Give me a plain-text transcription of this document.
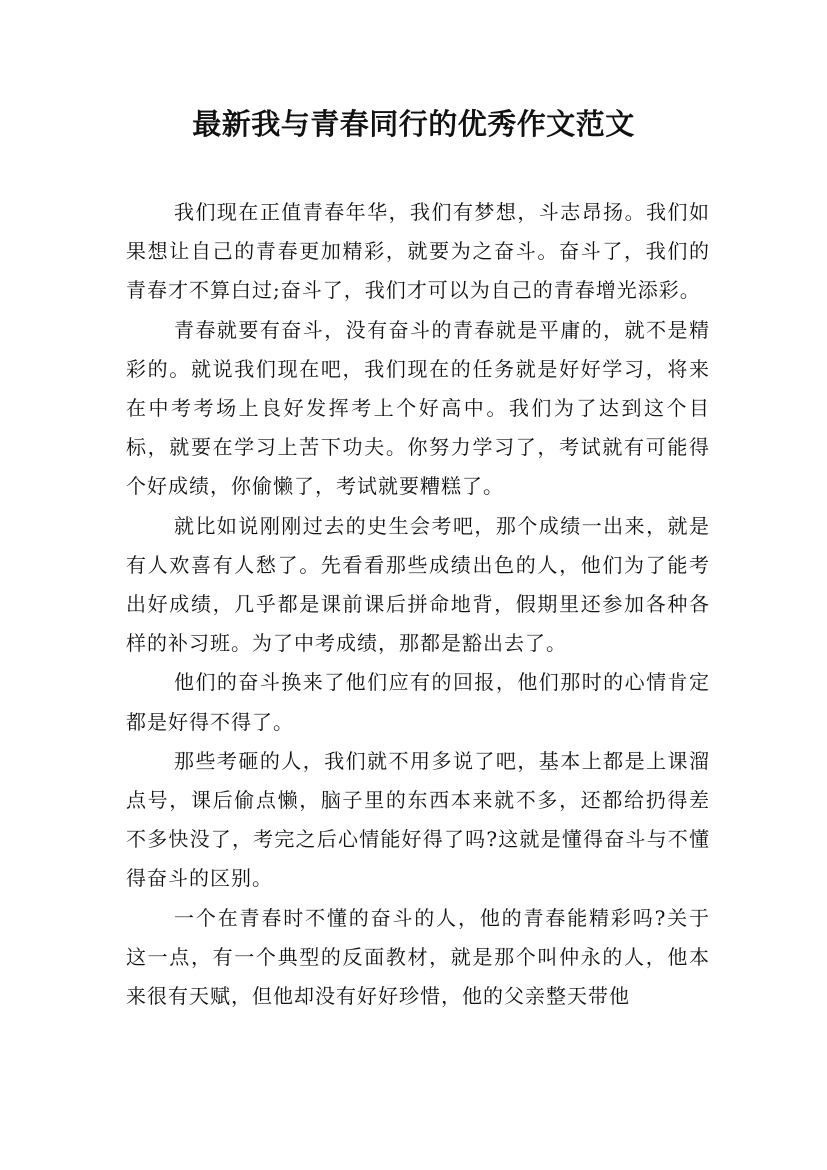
最新我与青春同行的优秀作文范文

我们现在正值青春年华，我们有梦想，斗志昂扬。我们如果想让自己的青春更加精彩，就要为之奋斗。奋斗了，我们的青春才不算白过;奋斗了，我们才可以为自己的青春增光添彩。

青春就要有奋斗，没有奋斗的青春就是平庸的，就不是精彩的。就说我们现在吧，我们现在的任务就是好好学习，将来在中考考场上良好发挥考上个好高中。我们为了达到这个目标，就要在学习上苦下功夫。你努力学习了，考试就有可能得个好成绩，你偷懒了，考试就要糟糕了。

就比如说刚刚过去的史生会考吧，那个成绩一出来，就是有人欢喜有人愁了。先看看那些成绩出色的人，他们为了能考出好成绩，几乎都是课前课后拼命地背，假期里还参加各种各样的补习班。为了中考成绩，那都是豁出去了。

他们的奋斗换来了他们应有的回报，他们那时的心情肯定都是好得不得了。

那些考砸的人，我们就不用多说了吧，基本上都是上课溜点号，课后偷点懒，脑子里的东西本来就不多，还都给扔得差不多快没了，考完之后心情能好得了吗?这就是懂得奋斗与不懂得奋斗的区别。

一个在青春时不懂的奋斗的人，他的青春能精彩吗?关于这一点，有一个典型的反面教材，就是那个叫仲永的人，他本来很有天赋，但他却没有好好珍惜，他的父亲整天带他
